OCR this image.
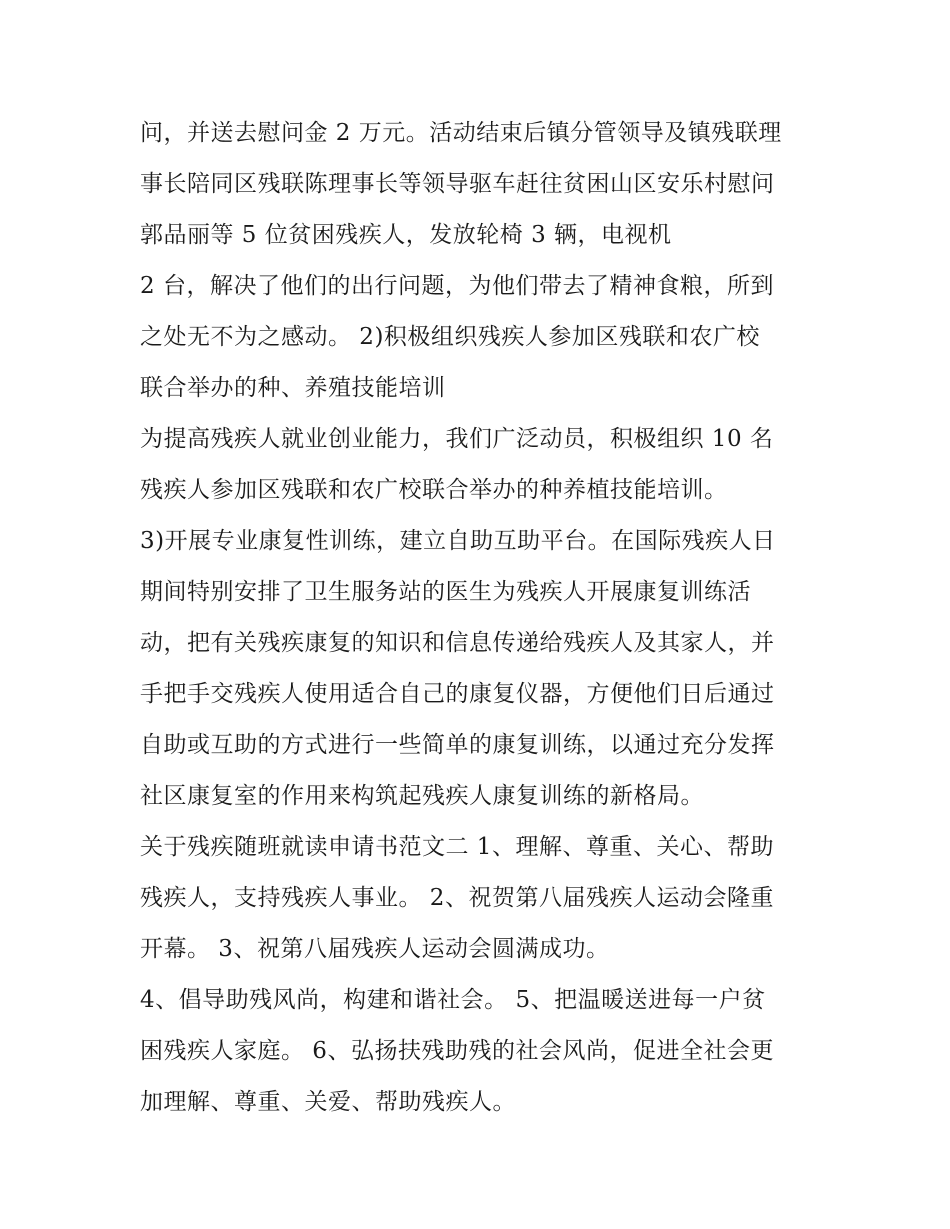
问，并送去慰问金 2 万元。活动结束后镇分管领导及镇残联理
事长陪同区残联陈理事长等领导驱车赶往贫困山区安乐村慰问
郭品丽等 5 位贫困残疾人，发放轮椅 3 辆，电视机
2 台，解决了他们的出行问题，为他们带去了精神食粮，所到
之处无不为之感动。 2)积极组织残疾人参加区残联和农广校
联合举办的种、养殖技能培训
为提高残疾人就业创业能力，我们广泛动员，积极组织 10 名
残疾人参加区残联和农广校联合举办的种养植技能培训。
3)开展专业康复性训练，建立自助互助平台。在国际残疾人日
期间特别安排了卫生服务站的医生为残疾人开展康复训练活
动，把有关残疾康复的知识和信息传递给残疾人及其家人，并
手把手交残疾人使用适合自己的康复仪器，方便他们日后通过
自助或互助的方式进行一些简单的康复训练，以通过充分发挥
社区康复室的作用来构筑起残疾人康复训练的新格局。
关于残疾随班就读申请书范文二 1、理解、尊重、关心、帮助
残疾人，支持残疾人事业。 2、祝贺第八届残疾人运动会隆重
开幕。 3、祝第八届残疾人运动会圆满成功。
4、倡导助残风尚，构建和谐社会。 5、把温暖送进每一户贫
困残疾人家庭。 6、弘扬扶残助残的社会风尚，促进全社会更
加理解、尊重、关爱、帮助残疾人。
